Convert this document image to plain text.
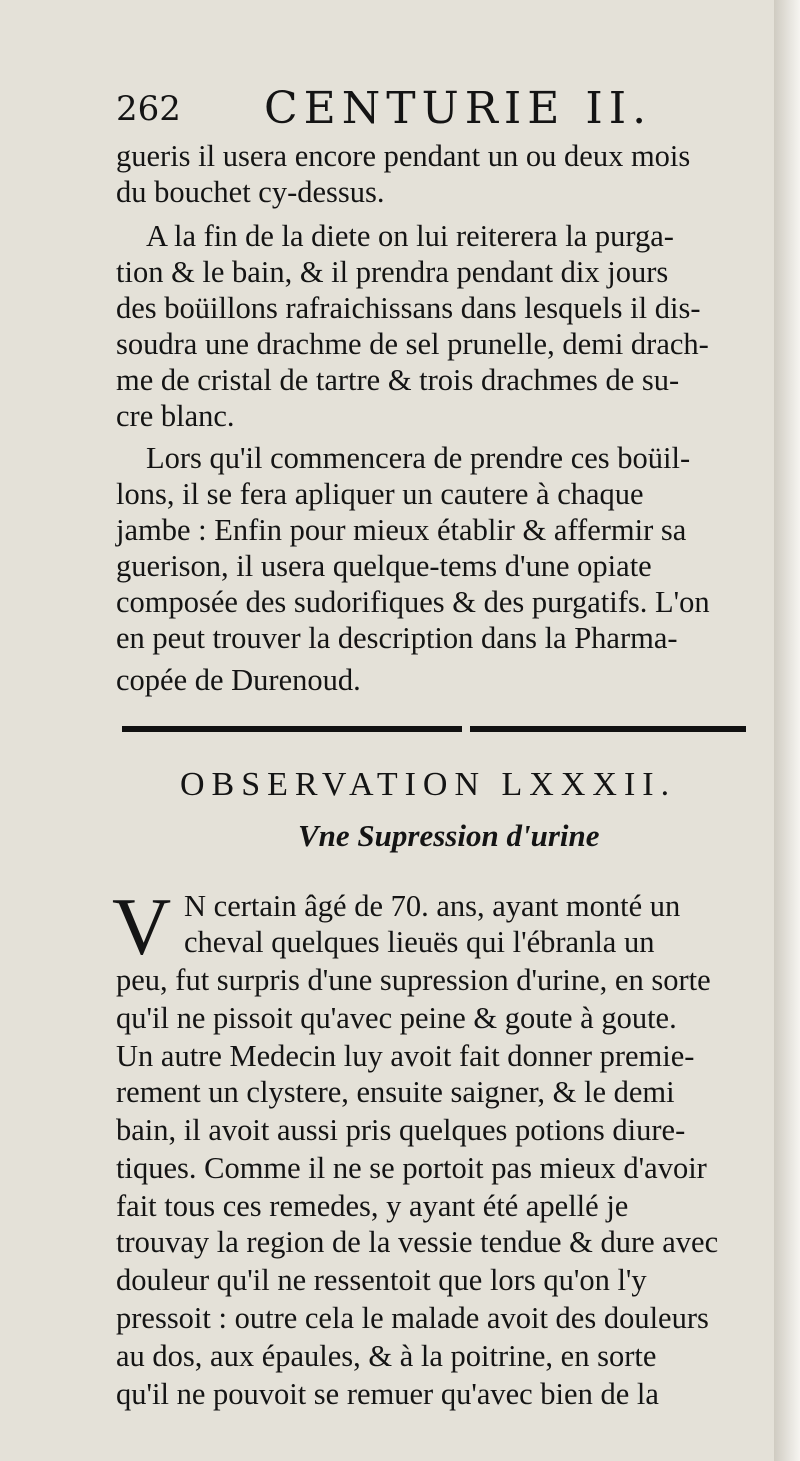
262 CENTURIE II.
gueris il usera encore pendant un ou deux mois
du bouchet cy-dessus.
A la fin de la diete on lui reiterera la purga-
tion & le bain, & il prendra pendant dix jours
des boüillons rafraichissans dans lesquels il dis-
soudra une drachme de sel prunelle, demi drach-
me de cristal de tartre & trois drachmes de su-
cre blanc.
Lors qu'il commencera de prendre ces boüil-
lons, il se fera apliquer un cautere à chaque
jambe : Enfin pour mieux établir & affermir sa
guerison, il usera quelque-tems d'une opiate
composée des sudorifiques & des purgatifs. L'on
en peut trouver la description dans la Pharma-
copée de Durenoud.
OBSERVATION LXXXII.
Vne Supression d'urine
V N certain âgé de 70. ans, ayant monté un
cheval quelques lieuës qui l'ébranla un
peu, fut surpris d'une supression d'urine, en sorte
qu'il ne pissoit qu'avec peine & goute à goute.
Un autre Medecin luy avoit fait donner premie-
rement un clystere, ensuite saigner, & le demi
bain, il avoit aussi pris quelques potions diure-
tiques. Comme il ne se portoit pas mieux d'avoir
fait tous ces remedes, y ayant été apellé je
trouvay la region de la vessie tendue & dure avec
douleur qu'il ne ressentoit que lors qu'on l'y
pressoit : outre cela le malade avoit des douleurs
au dos, aux épaules, & à la poitrine, en sorte
qu'il ne pouvoit se remuer qu'avec bien de la
